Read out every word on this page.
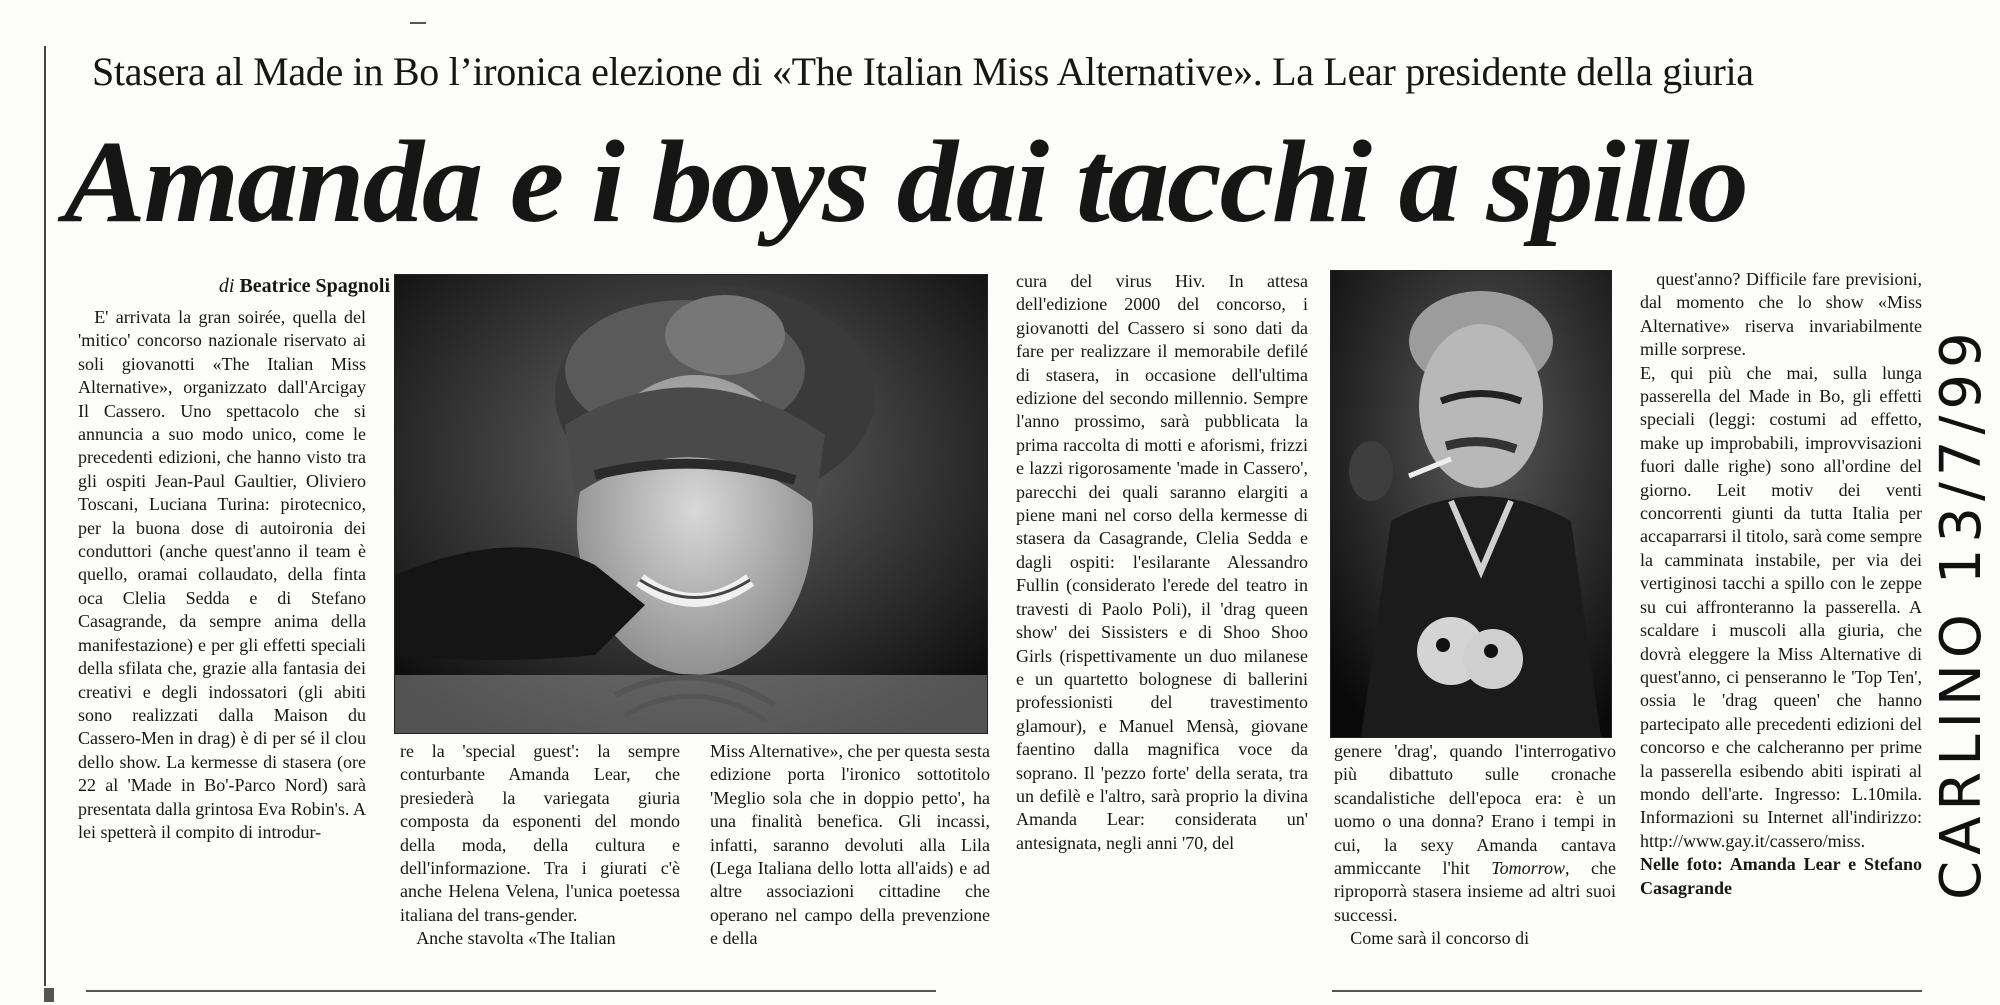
Stasera al Made in Bo l’ironica elezione di «The Italian Miss Alternative». La Lear presidente della giuria
Amanda e i boys dai tacchi a spillo
di Beatrice Spagnoli

E' arrivata la gran soirée, quella del 'mitico' concorso nazionale riservato ai soli giovanotti «The Italian Miss Alternative», organizzato dall'Arcigay Il Cassero. Uno spettacolo che si annuncia a suo modo unico, come le precedenti edizioni, che hanno visto tra gli ospiti Jean-Paul Gaultier, Oliviero Toscani, Luciana Turina: pirotecnico, per la buona dose di autoironia dei conduttori (anche quest'anno il team è quello, oramai collaudato, della finta oca Clelia Sedda e di Stefano Casagrande, da sempre anima della manifestazione) e per gli effetti speciali della sfilata che, grazie alla fantasia dei creativi e degli indossatori (gli abiti sono realizzati dalla Maison du Cassero-Men in drag) è di per sé il clou dello show. La kermesse di stasera (ore 22 al 'Made in Bo'-Parco Nord) sarà presentata dalla grintosa Eva Robin's. A lei spetterà il compito di introdur-

re la 'special guest': la sempre conturbante Amanda Lear, che presiederà la variegata giuria composta da esponenti del mondo della moda, della cultura e dell'informazione. Tra i giurati c'è anche Helena Velena, l'unica poetessa italiana del trans-gender.

Anche stavolta «The Italian

Miss Alternative», che per questa sesta edizione porta l'ironico sottotitolo 'Meglio sola che in doppio petto', ha una finalità benefica. Gli incassi, infatti, saranno devoluti alla Lila (Lega Italiana dello lotta all'aids) e ad altre associazioni cittadine che operano nel campo della prevenzione e della

cura del virus Hiv. In attesa dell'edizione 2000 del concorso, i giovanotti del Cassero si sono dati da fare per realizzare il memorabile defilé di stasera, in occasione dell'ultima edizione del secondo millennio. Sempre l'anno prossimo, sarà pubblicata la prima raccolta di motti e aforismi, frizzi e lazzi rigorosamente 'made in Cassero', parecchi dei quali saranno elargiti a piene mani nel corso della kermesse di stasera da Casagrande, Clelia Sedda e dagli ospiti: l'esilarante Alessandro Fullin (considerato l'erede del teatro in travesti di Paolo Poli), il 'drag queen show' dei Sissisters e di Shoo Shoo Girls (rispettivamente un duo milanese e un quartetto bolognese di ballerini professionisti del travestimento glamour), e Manuel Mensà, giovane faentino dalla magnifica voce da soprano. Il 'pezzo forte' della serata, tra un defilè e l'altro, sarà proprio la divina Amanda Lear: considerata un' antesignata, negli anni '70, del

genere 'drag', quando l'interrogativo più dibattuto sulle cronache scandalistiche dell'epoca era: è un uomo o una donna? Erano i tempi in cui, la sexy Amanda cantava ammiccante l'hit Tomorrow, che riproporrà stasera insieme ad altri suoi successi.

Come sarà il concorso di

quest'anno? Difficile fare previsioni, dal momento che lo show «Miss Alternative» riserva invariabilmente mille sorprese.

E, qui più che mai, sulla lunga passerella del Made in Bo, gli effetti speciali (leggi: costumi ad effetto, make up improbabili, improvvisazioni fuori dalle righe) sono all'ordine del giorno. Leit motiv dei venti concorrenti giunti da tutta Italia per accaparrarsi il titolo, sarà come sempre la camminata instabile, per via dei vertiginosi tacchi a spillo con le zeppe su cui affronteranno la passerella. A scaldare i muscoli alla giuria, che dovrà eleggere la Miss Alternative di quest'anno, ci penseranno le 'Top Ten', ossia le 'drag queen' che hanno partecipato alle precedenti edizioni del concorso e che calcheranno per prime la passerella esibendo abiti ispirati al mondo dell'arte. Ingresso: L.10mila. Informazioni su Internet all'indirizzo: http://www.gay.it/cassero/miss.

Nelle foto: Amanda Lear e Stefano Casagrande	CARLINO 13/7/99
